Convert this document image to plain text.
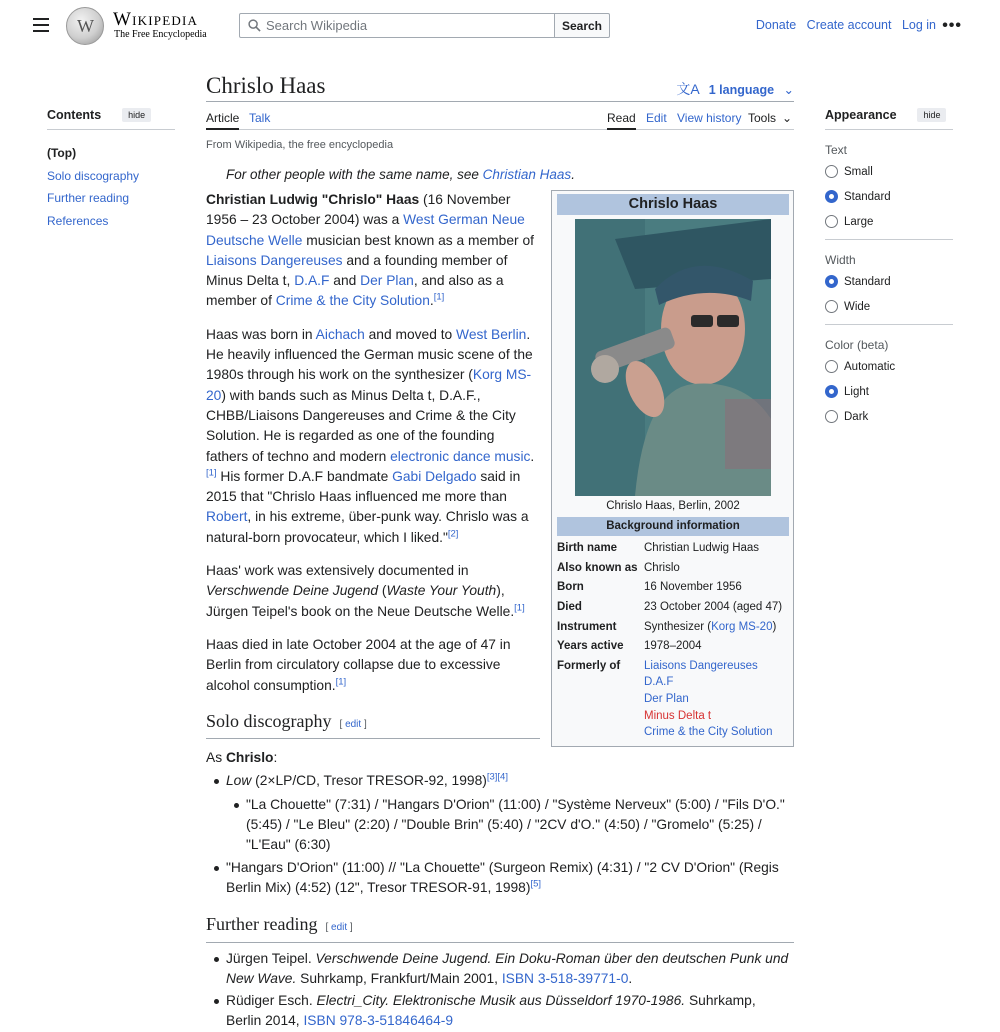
W
Wikipedia
The Free Encyclopedia
Search Wikipedia
Search	Donate Create account Log in •••
Contents	hide
(Top)
Solo discography
Further reading
References
Appearance	hide
Text
Small
Standard
Large
Width
Standard
Wide
Color (beta)
Automatic
Light
Dark
Chrislo Haas	文A 1 language ⌄
Article Talk	Read Edit View history Tools ⌄
From Wikipedia, the free encyclopedia
For other people with the same name, see Christian Haas.
Chrislo Haas
Chrislo Haas, Berlin, 2002
Background information
Birth name	Christian Ludwig Haas
Also known as Chrislo
Born	16 November 1956
Died	23 October 2004 (aged 47)
Instrument	Synthesizer (Korg MS-20)
Years active	1978–2004
Formerly of	Liaisons Dangereuses
D.A.F
Der Plan
Minus Delta t
Crime & the City Solution

Christian Ludwig "Chrislo" Haas (16 November 1956 – 23 October 2004) was a West German Neue Deutsche Welle musician best known as a member of Liaisons Dangereuses and a founding member of Minus Delta t, D.A.F and Der Plan, and also as a member of Crime & the City Solution.[1]

Haas was born in Aichach and moved to West Berlin. He heavily influenced the German music scene of the 1980s through his work on the synthesizer (Korg MS-20) with bands such as Minus Delta t, D.A.F., CHBB/Liaisons Dangereuses and Crime & the City Solution. He is regarded as one of the founding fathers of techno and modern electronic dance music.[1] His former D.A.F bandmate Gabi Delgado said in 2015 that "Chrislo Haas influenced me more than Robert, in his extreme, über-punk way. Chrislo was a natural-born provocateur, which I liked."[2]

Haas' work was extensively documented in Verschwende Deine Jugend (Waste Your Youth), Jürgen Teipel's book on the Neue Deutsche Welle.[1]

Haas died in late October 2004 at the age of 47 in Berlin from circulatory collapse due to excessive alcohol consumption.[1]

Solo discography [ edit ]

As Chrislo:

Low (2×LP/CD, Tresor TRESOR-92, 1998)[3][4]
"La Chouette" (7:31) / "Hangars D'Orion" (11:00) / "Système Nerveux" (5:00) / "Fils D'O." (5:45) / "Le Bleu" (2:20) / "Double Brin" (5:40) / "2CV d'O." (4:50) / "Gromelo" (5:25) / "L'Eau" (6:30)
"Hangars D'Orion" (11:00) // "La Chouette" (Surgeon Remix) (4:31) / "2 CV D'Orion" (Regis Berlin Mix) (4:52) (12", Tresor TRESOR-91, 1998)[5]
Further reading [ edit ]
Jürgen Teipel. Verschwende Deine Jugend. Ein Doku-Roman über den deutschen Punk und New Wave. Suhrkamp, Frankfurt/Main 2001, ISBN 3-518-39771-0.
Rüdiger Esch. Electri_City. Elektronische Musik aus Düsseldorf 1970-1986. Suhrkamp, Berlin 2014, ISBN 978-3-51846464-9
